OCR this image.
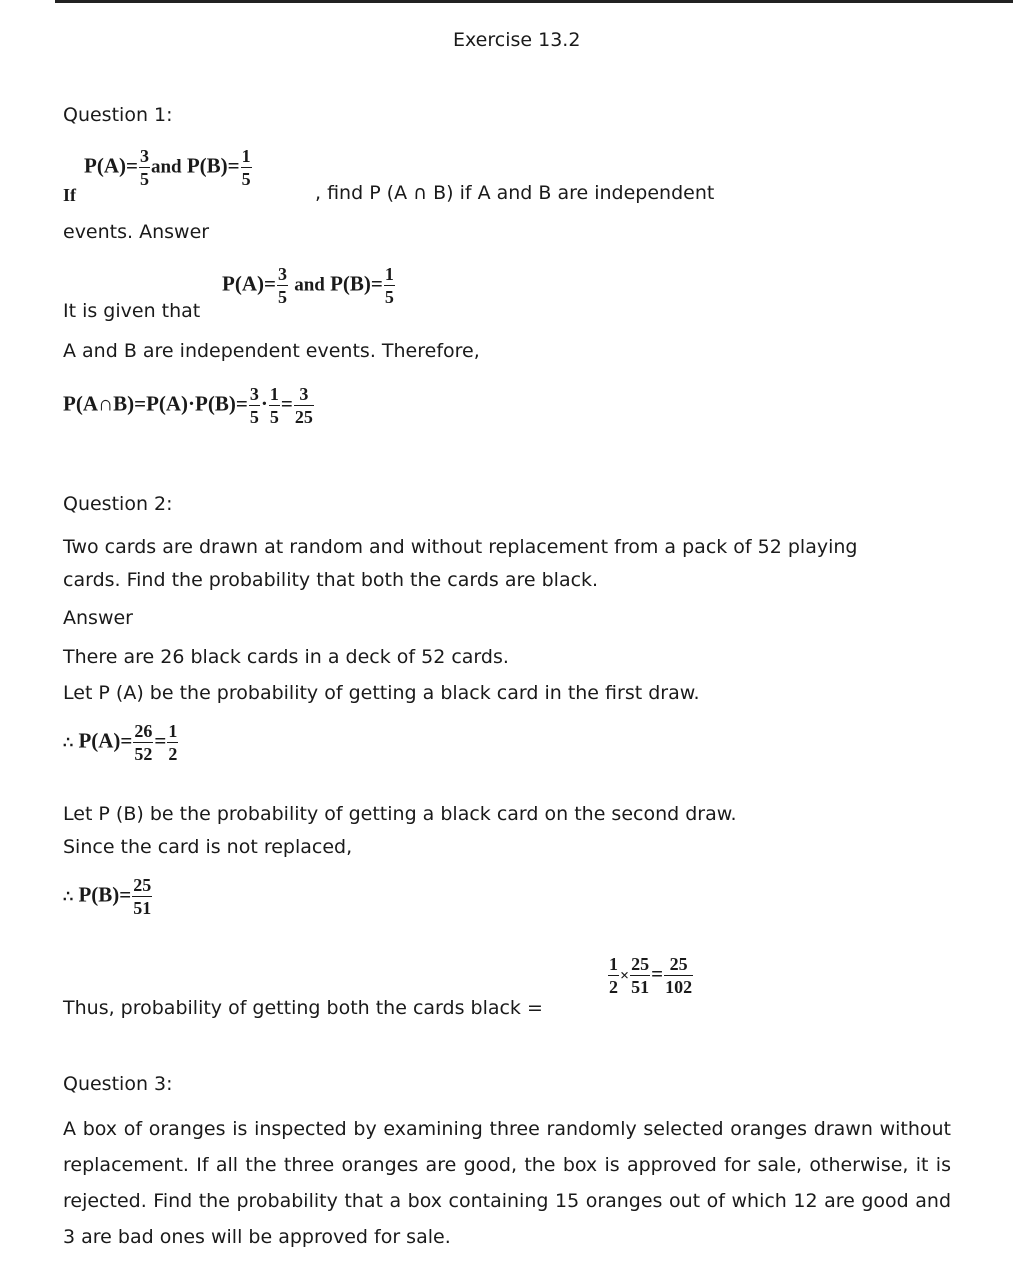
Exercise 13.2
Question 1:
If
$P(A)= \frac{3}{5}$ and $P(B)= \frac{1}{5}$
, find P (A ∩ B) if A and B are independent
events. Answer
It is given that
$P(A)= \frac{3}{5}$ and $P(B)= \frac{1}{5}$
A and B are independent events. Therefore,
P(A∩B)=P(A)·P(B)= $\frac{3}{5} \cdot \frac{1}{5} = \frac{3}{25}$
Question 2:
Two cards are drawn at random and without replacement from a pack of 52 playing cards. Find the probability that both the cards are black.
Answer
There are 26 black cards in a deck of 52 cards.
Let P (A) be the probability of getting a black card in the first draw.
∴ $P(A)= \frac{26}{52} = \frac{1}{2}$
Let P (B) be the probability of getting a black card on the second draw. Since the card is not replaced,
∴ $P(B)= \frac{25}{51}$
Thus, probability of getting both the cards black =
$\frac{1}{2} \times \frac{25}{51} = \frac{25}{102}$
Question 3:
A box of oranges is inspected by examining three randomly selected oranges drawn without replacement. If all the three oranges are good, the box is approved for sale, otherwise, it is rejected. Find the probability that a box containing 15 oranges out of which 12 are good and 3 are bad ones will be approved for sale.
